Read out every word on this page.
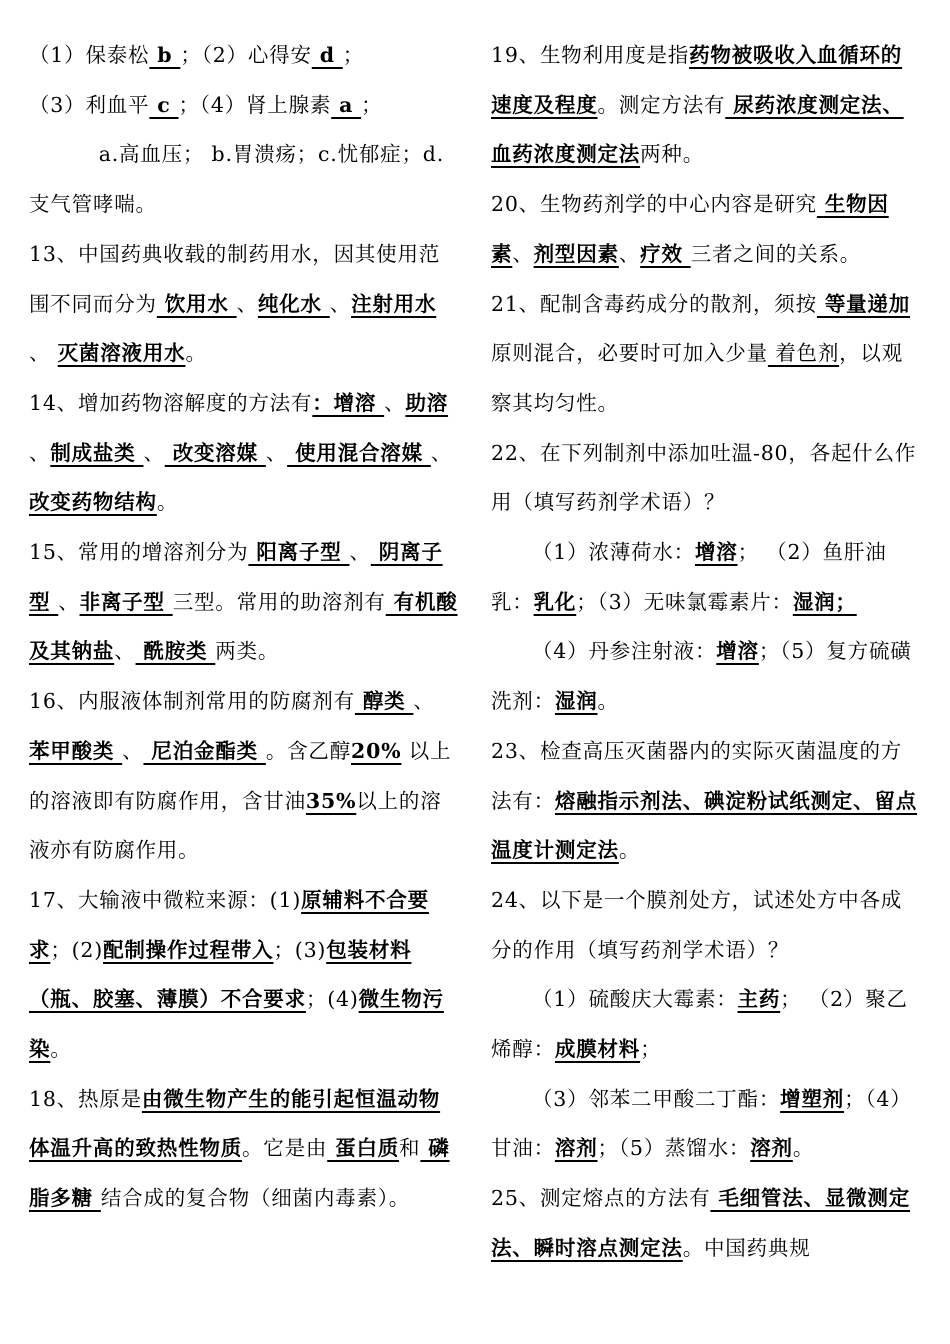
（1）保泰松 b ；（2）心得安 d ；

（3）利血平 c ；（4）肾上腺素 a ；

a.高血压； b.胃溃疡；c.忧郁症；d.支气管哮喘。

13、中国药典收载的制药用水，因其使用范围不同而分为 饮用水 、纯化水 、注射用水 、 灭菌溶液用水。

14、增加药物溶解度的方法有：增溶 、助溶 、制成盐类 、 改变溶媒 、 使用混合溶媒 、 改变药物结构。

15、常用的增溶剂分为 阳离子型 、 阴离子型 、非离子型 三型。常用的助溶剂有 有机酸及其钠盐、 酰胺类 两类。

16、内服液体制剂常用的防腐剂有 醇类 、 苯甲酸类 、 尼泊金酯类 。含乙醇20% 以上的溶液即有防腐作用，含甘油35%以上的溶液亦有防腐作用。

17、大输液中微粒来源：(1)原辅料不合要求；(2)配制操作过程带入；(3)包装材料（瓶、胶塞、薄膜）不合要求；(4)微生物污染。

18、热原是由微生物产生的能引起恒温动物体温升高的致热性物质。它是由 蛋白质和 磷脂多糖 结合成的复合物（细菌内毒素）。

19、生物利用度是指药物被吸收入血循环的速度及程度。测定方法有 尿药浓度测定法、血药浓度测定法两种。

20、生物药剂学的中心内容是研究 生物因素、剂型因素、疗效 三者之间的关系。

21、配制含毒药成分的散剂，须按 等量递加 原则混合，必要时可加入少量 着色剂，以观察其均匀性。

22、在下列制剂中添加吐温-80，各起什么作用（填写药剂学术语）？

（1）浓薄荷水：增溶； （2）鱼肝油乳：乳化；（3）无味氯霉素片：湿润；

（4）丹参注射液：增溶；（5）复方硫磺洗剂：湿润。

23、检查高压灭菌器内的实际灭菌温度的方法有：熔融指示剂法、碘淀粉试纸测定、留点温度计测定法。

24、以下是一个膜剂处方，试述处方中各成分的作用（填写药剂学术语）？

（1）硫酸庆大霉素：主药； （2）聚乙烯醇：成膜材料；

（3）邻苯二甲酸二丁酯：增塑剂；（4）甘油：溶剂；（5）蒸馏水：溶剂。

25、测定熔点的方法有 毛细管法、显微测定法、瞬时溶点测定法。中国药典规
